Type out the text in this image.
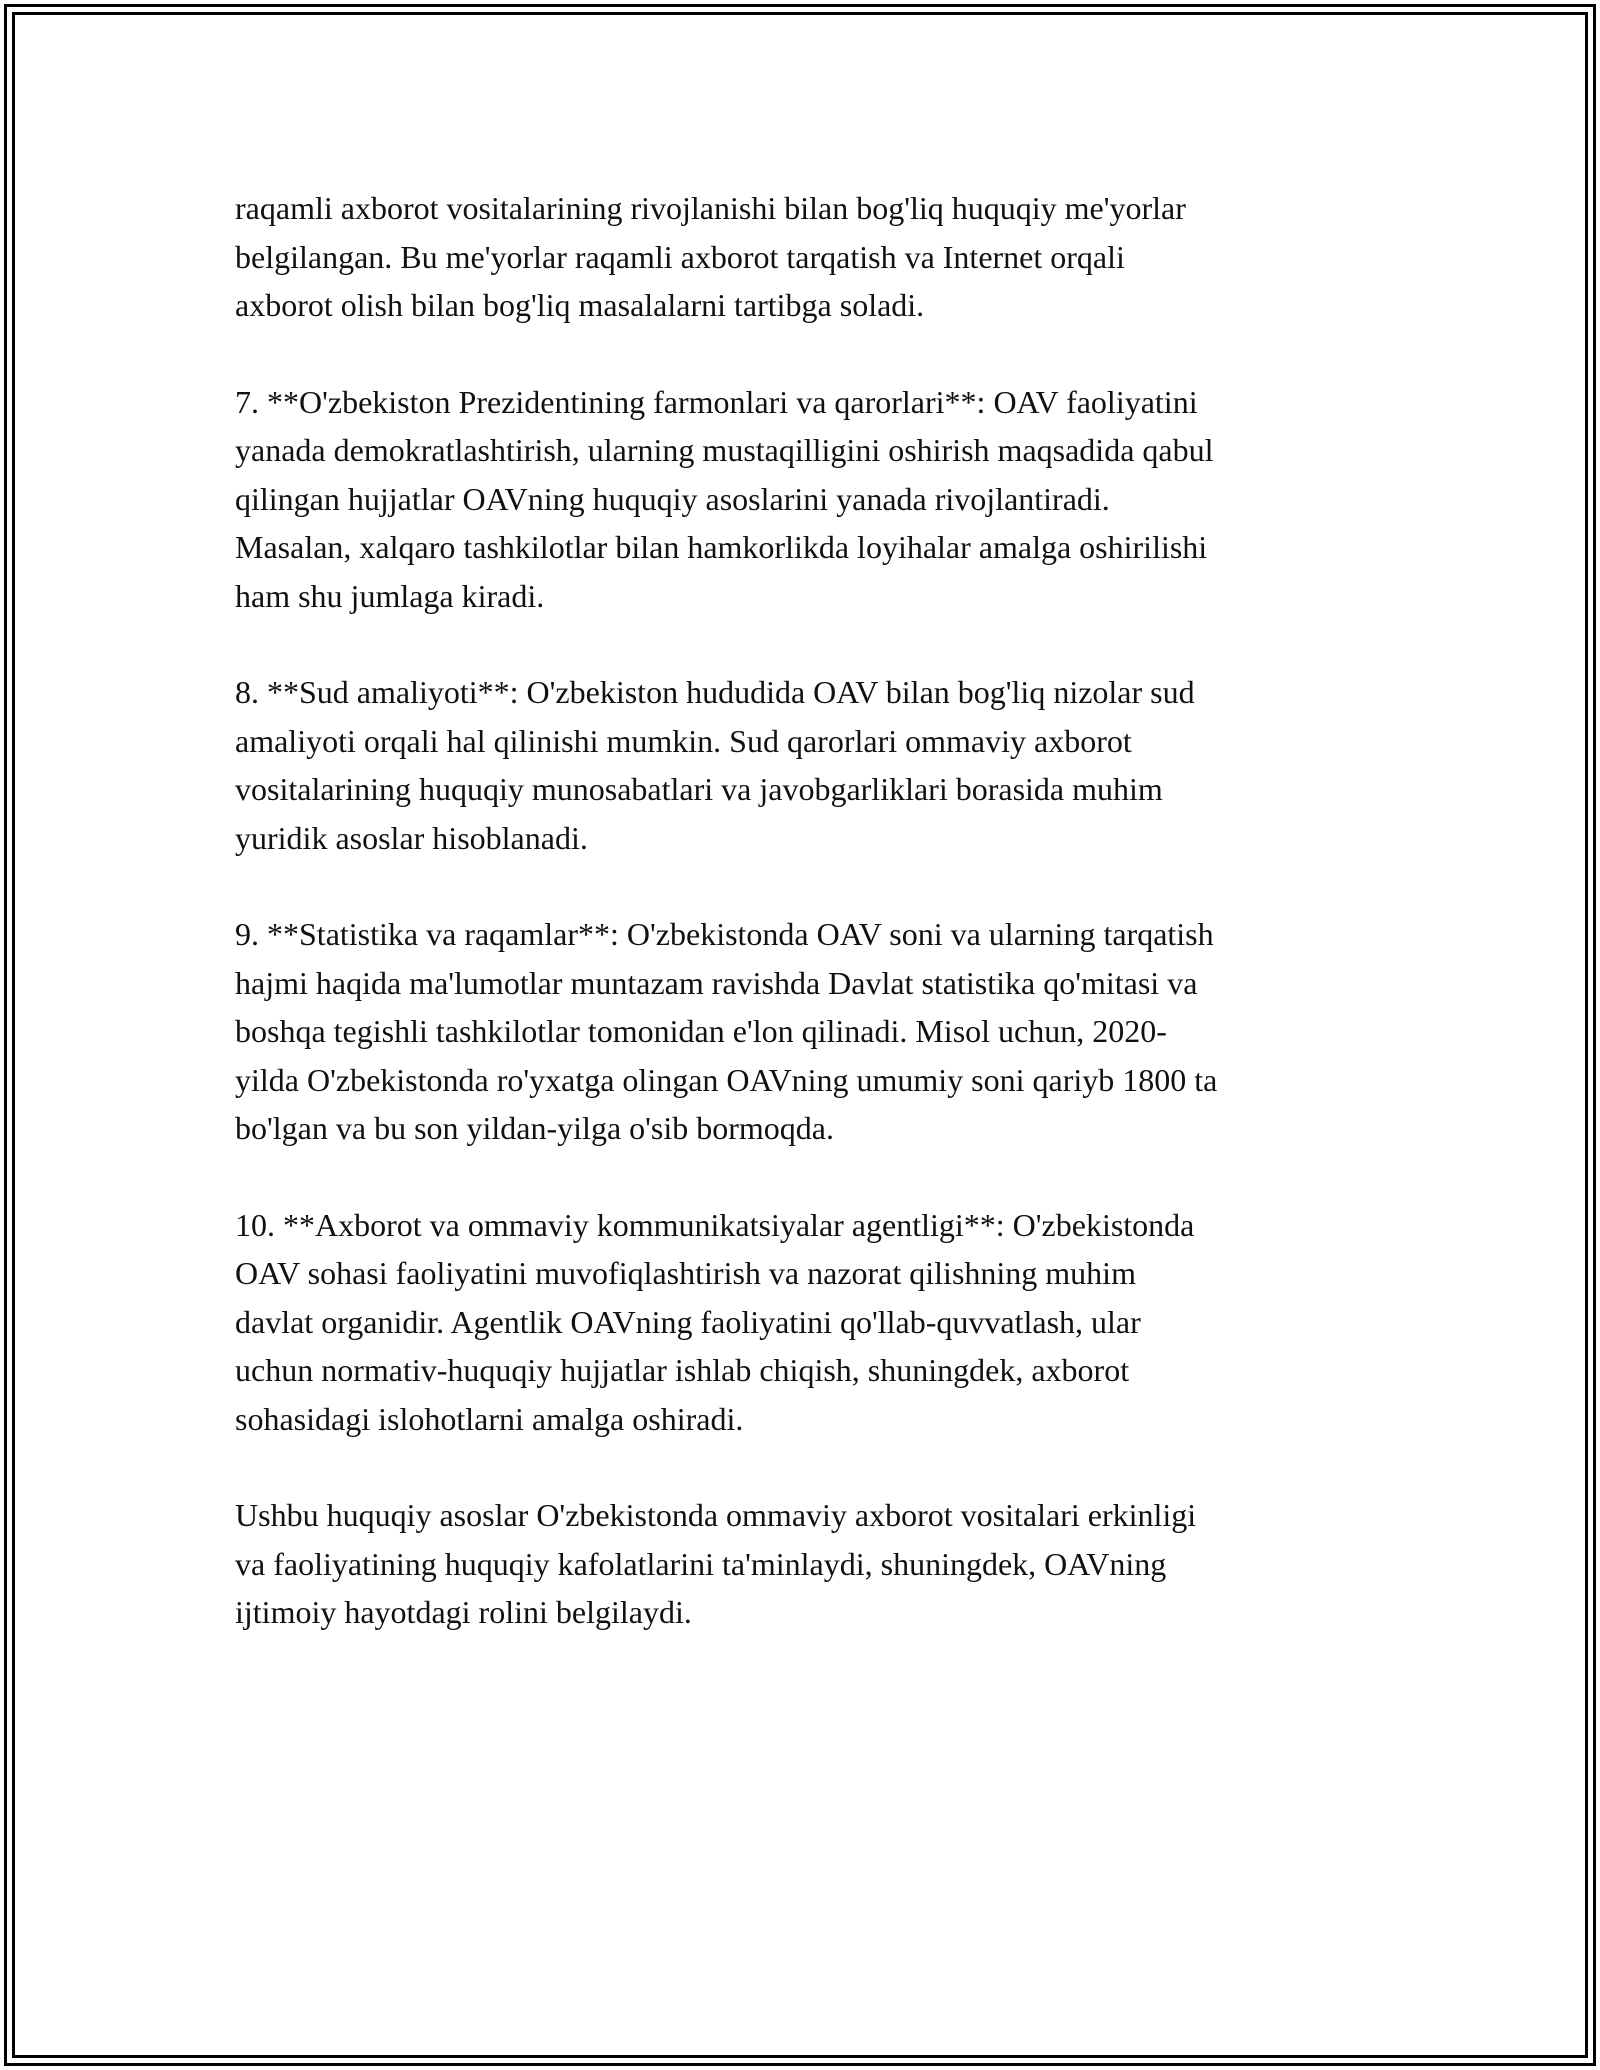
raqamli axborot vositalarining rivojlanishi bilan bog'liq huquqiy me'yorlar
belgilangan. Bu me'yorlar raqamli axborot tarqatish va Internet orqali
axborot olish bilan bog'liq masalalarni tartibga soladi.

7. **O'zbekiston Prezidentining farmonlari va qarorlari**: OAV faoliyatini
yanada demokratlashtirish, ularning mustaqilligini oshirish maqsadida qabul
qilingan hujjatlar OAVning huquqiy asoslarini yanada rivojlantiradi.
Masalan, xalqaro tashkilotlar bilan hamkorlikda loyihalar amalga oshirilishi
ham shu jumlaga kiradi.

8. **Sud amaliyoti**: O'zbekiston hududida OAV bilan bog'liq nizolar sud
amaliyoti orqali hal qilinishi mumkin. Sud qarorlari ommaviy axborot
vositalarining huquqiy munosabatlari va javobgarliklari borasida muhim
yuridik asoslar hisoblanadi.

9. **Statistika va raqamlar**: O'zbekistonda OAV soni va ularning tarqatish
hajmi haqida ma'lumotlar muntazam ravishda Davlat statistika qo'mitasi va
boshqa tegishli tashkilotlar tomonidan e'lon qilinadi. Misol uchun, 2020-
yilda O'zbekistonda ro'yxatga olingan OAVning umumiy soni qariyb 1800 ta
bo'lgan va bu son yildan-yilga o'sib bormoqda.

10. **Axborot va ommaviy kommunikatsiyalar agentligi**: O'zbekistonda
OAV sohasi faoliyatini muvofiqlashtirish va nazorat qilishning muhim
davlat organidir. Agentlik OAVning faoliyatini qo'llab-quvvatlash, ular
uchun normativ-huquqiy hujjatlar ishlab chiqish, shuningdek, axborot
sohasidagi islohotlarni amalga oshiradi.

Ushbu huquqiy asoslar O'zbekistonda ommaviy axborot vositalari erkinligi
va faoliyatining huquqiy kafolatlarini ta'minlaydi, shuningdek, OAVning
ijtimoiy hayotdagi rolini belgilaydi.
